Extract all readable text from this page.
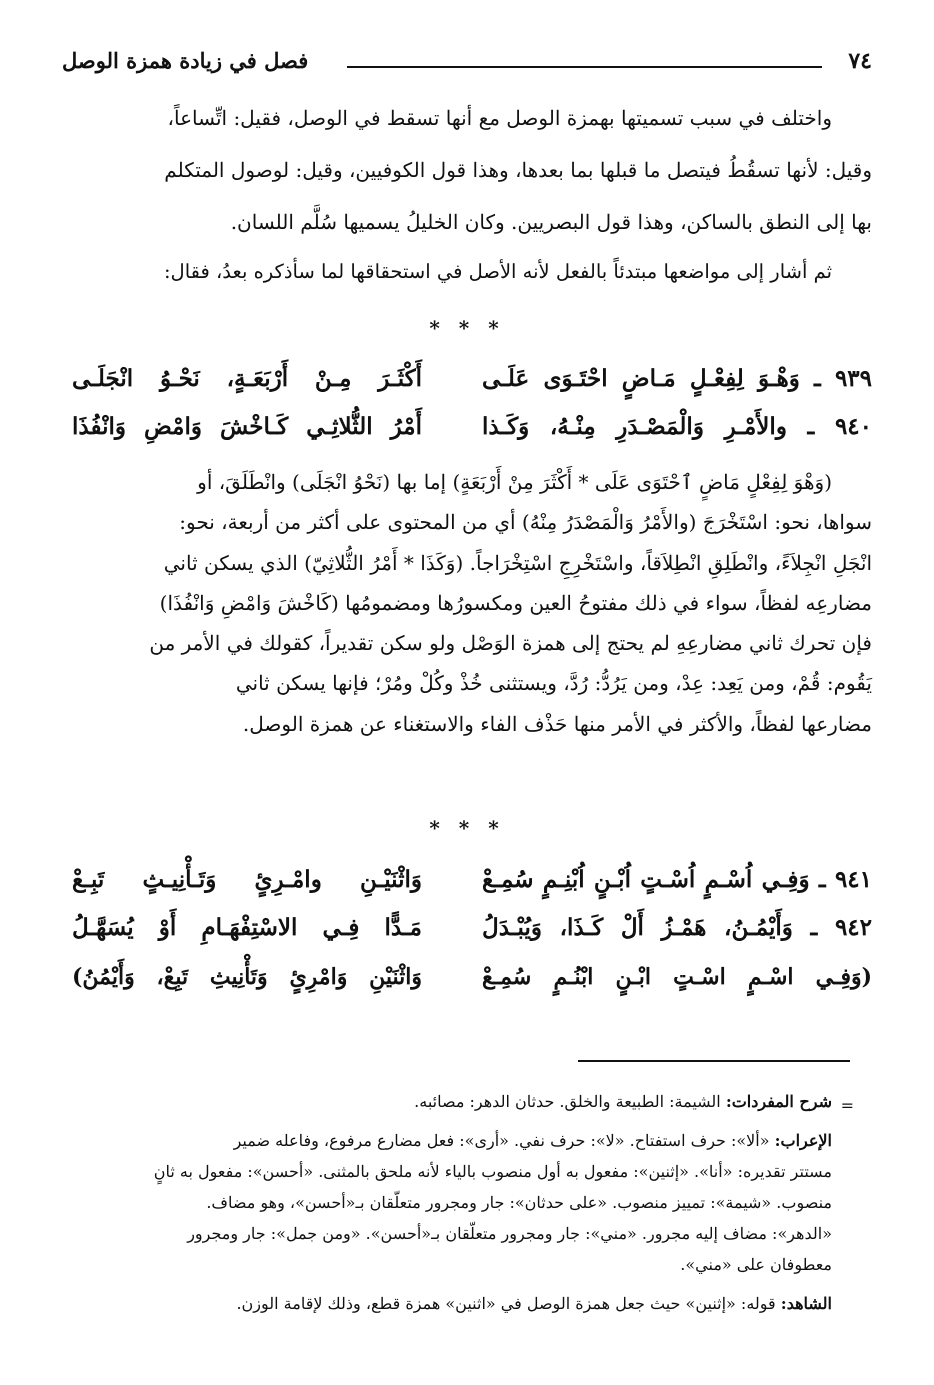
٧٤
فصل في زيادة همزة الوصل
واختلف في سبب تسميتها بهمزة الوصل مع أنها تسقط في الوصل، فقيل: اتِّساعاً،
وقيل: لأنها تسقُطُ فيتصل ما قبلها بما بعدها، وهذا قول الكوفيين، وقيل: لوصول المتكلم
بها إلى النطق بالساكن، وهذا قول البصريين. وكان الخليلُ يسميها سُلَّم اللسان.
ثم أشار إلى مواضعها مبتدئاً بالفعل لأنه الأصل في استحقاقها لما سأذكره بعدُ، فقال:
* * *
٩٣٩ ـ وَهْـوَ لِفِعْـلٍ مَـاضٍ احْتَـوَى عَلَـى
أَكْثَـرَ مِـنْ أَرْبَعَـةٍ، نَحْـوُ انْجَلَـى
٩٤٠ ـ والأَمْـرِ وَالْمَصْـدَرِ مِنْـهُ، وَكَـذا
أَمْرُ الثُّلاثِـي كَـاخْشَ وَامْضِ وَانْفُذَا
(وَهْوَ لِفِعْلٍ مَاضٍ ٱحْتَوَى عَلَى * أَكْثَرَ مِنْ أَرْبَعَةٍ) إما بها (نَحْوُ انْجَلَى) وانْطَلَقَ، أو
سواها، نحو: اسْتَخْرَجَ (والأَمْرُ وَالْمَصْدَرُ مِنْهُ) أي من المحتوى على أكثر من أربعة، نحو:
انْجَلِ انْجِلاَءً، وانْطَلِقِ انْطِلاَقاً، واسْتَخْرِجِ اسْتِخْرَاجاً. (وَكَذَا * أَمْرُ الثُّلاثِيّ) الذي يسكن ثاني
مضارعِه لفظاً، سواء في ذلك مفتوحُ العين ومكسورُها ومضمومُها (كَاخْشَ وَامْضِ وَانْفُذَا)
فإن تحرك ثاني مضارعِهِ لم يحتج إلى همزة الوَصْل ولو سكن تقديراً، كقولك في الأمر من
يَقُوم: قُمْ، ومن يَعِد: عِدْ، ومن يَرُدُّ: رُدَّ، ويستثنى خُذْ وكُلْ ومُرْ؛ فإنها يسكن ثاني
مضارعها لفظاً، والأكثر في الأمر منها حَذْف الفاء والاستغناء عن همزة الوصل.
* * *
٩٤١ ـ وَفِـي اُسْـمٍ اُسْـتٍ اُبْـنٍ اُبْنِـمٍ سُمِـعْ
وَاثْنَيْـنِ وامْـرِئٍ وَتَـأْنِيـثٍ تَبِـعْ
٩٤٢ ـ وَأَيْمُـنُ، هَمْـزُ أَلْ كَـذَا، وَيُبْـدَلُ
مَـدًّا فِـي الاسْتِفْهَـامِ أَوْ يُسَهَّـلُ
(وَفِـي اسْـمٍ اسْـتٍ ابْـنٍ ابْنُـمٍ سُمِـعْ
وَاثْنَيْنِ وَامْرِئٍ وَتَأْنِيثِ تَبِعْ، وَأَيْمُنُ)
=
شرح المفردات: الشيمة: الطبيعة والخلق. حدثان الدهر: مصائبه.
الإعراب: «ألا»: حرف استفتاح. «لا»: حرف نفي. «أرى»: فعل مضارع مرفوع، وفاعله ضمير
مستتر تقديره: «أنا». «إثنين»: مفعول به أول منصوب بالياء لأنه ملحق بالمثنى. «أحسن»: مفعول به ثانٍ
منصوب. «شيمة»: تمييز منصوب. «على حدثان»: جار ومجرور متعلّقان بـ«أحسن»، وهو مضاف.
«الدهر»: مضاف إليه مجرور. «مني»: جار ومجرور متعلّقان بـ«أحسن». «ومن جمل»: جار ومجرور
معطوفان على «مني».
الشاهد: قوله: «إثنين» حيث جعل همزة الوصل في «اثنين» همزة قطع، وذلك لإقامة الوزن.
